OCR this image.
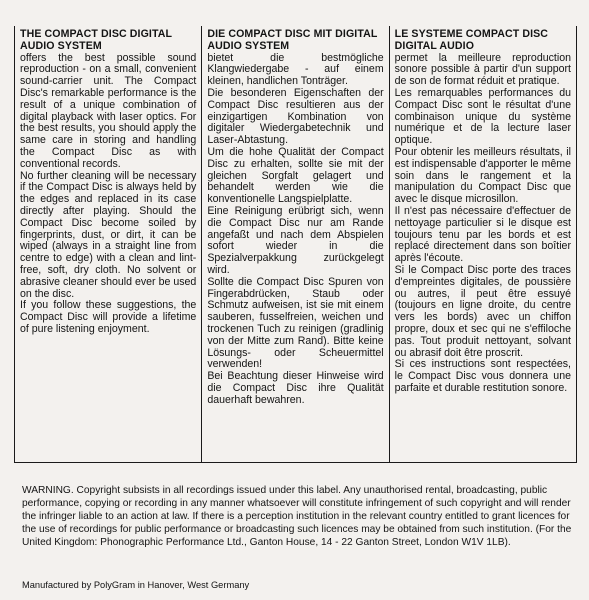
THE COMPACT DISC DIGITAL
AUDIO SYSTEM

offers the best possible sound reproduction - on a small, convenient sound-carrier unit. The Compact Disc's remarkable performance is the result of a unique combination of digital playback with laser optics. For the best results, you should apply the same care in storing and handling the Compact Disc as with conventional records.

No further cleaning will be necessary if the Compact Disc is always held by the edges and replaced in its case directly after playing. Should the Compact Disc become soiled by fingerprints, dust, or dirt, it can be wiped (always in a straight line from centre to edge) with a clean and lint-free, soft, dry cloth. No solvent or abrasive cleaner should ever be used on the disc.

If you follow these suggestions, the Compact Disc will provide a lifetime of pure listening enjoyment.

DIE COMPACT DISC MIT DIGITAL
AUDIO SYSTEM

bietet die bestmögliche Klangwiedergabe - auf einem kleinen, handlichen Tonträger.

Die besonderen Eigenschaften der Compact Disc resultieren aus der einzigartigen Kombination von digitaler Wiedergabetechnik und Laser-Abtastung.

Um die hohe Qualität der Compact Disc zu erhalten, sollte sie mit der gleichen Sorgfalt gelagert und behandelt werden wie die konventionelle Langspielplatte.

Eine Reinigung erübrigt sich, wenn die Compact Disc nur am Rande angefaßt und nach dem Abspielen sofort wieder in die Spezialverpakkung zurückgelegt wird.

Sollte die Compact Disc Spuren von Fingerabdrücken, Staub oder Schmutz aufweisen, ist sie mit einem sauberen, fusselfreien, weichen und trockenen Tuch zu reinigen (gradlinig von der Mitte zum Rand). Bitte keine Lösungs- oder Scheuermittel verwenden!

Bei Beachtung dieser Hinweise wird die Compact Disc ihre Qualität dauerhaft bewahren.

LE SYSTEME COMPACT DISC
DIGITAL AUDIO

permet la meilleure reproduction sonore possible à partir d'un support de son de format réduit et pratique.

Les remarquables performances du Compact Disc sont le résultat d'une combinaison unique du système numérique et de la lecture laser optique.

Pour obtenir les meilleurs résultats, il est indispensable d'apporter le même soin dans le rangement et la manipulation du Compact Disc que avec le disque microsillon.

Il n'est pas nécessaire d'effectuer de nettoyage particulier si le disque est toujours tenu par les bords et est replacé directement dans son boîtier après l'écoute.

Si le Compact Disc porte des traces d'empreintes digitales, de poussière ou autres, il peut être essuyé (toujours en ligne droite, du centre vers les bords) avec un chiffon propre, doux et sec qui ne s'effiloche pas. Tout produit nettoyant, solvant ou abrasif doit être proscrit.

Si ces instructions sont respectées, le Compact Disc vous donnera une parfaite et durable restitution sonore.

WARNING. Copyright subsists in all recordings issued under this label. Any unauthorised rental, broadcasting, public performance, copying or recording in any manner whatsoever will constitute infringement of such copyright and will render the infringer liable to an action at law. If there is a perception institution in the relevant country entitled to grant licences for the use of recordings for public performance or broadcasting such licences may be obtained from such institution. (For the United Kingdom: Phonographic Performance Ltd., Ganton House, 14 - 22 Ganton Street, London W1V 1LB).

Manufactured by PolyGram in Hanover, West Germany
